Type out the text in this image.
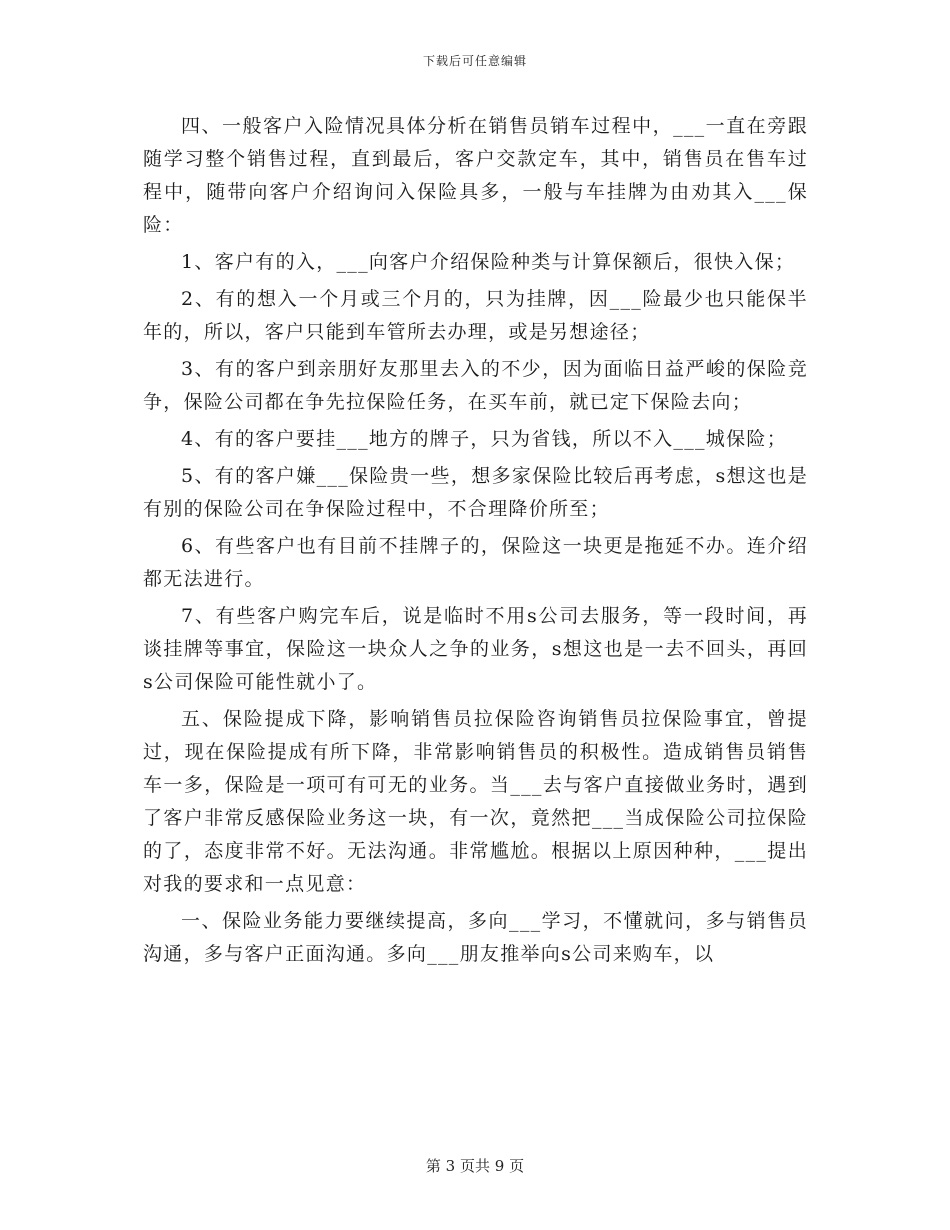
下载后可任意编辑

四、一般客户入险情况具体分析在销售员销车过程中，___一直在旁跟随学习整个销售过程，直到最后，客户交款定车，其中，销售员在售车过程中，随带向客户介绍询问入保险具多，一般与车挂牌为由劝其入___保险：

1、客户有的入，___向客户介绍保险种类与计算保额后，很快入保；

2、有的想入一个月或三个月的，只为挂牌，因___险最少也只能保半年的，所以，客户只能到车管所去办理，或是另想途径；

3、有的客户到亲朋好友那里去入的不少，因为面临日益严峻的保险竞争，保险公司都在争先拉保险任务，在买车前，就已定下保险去向；

4、有的客户要挂___地方的牌子，只为省钱，所以不入___城保险；

5、有的客户嫌___保险贵一些，想多家保险比较后再考虑，s想这也是有别的保险公司在争保险过程中，不合理降价所至；

6、有些客户也有目前不挂牌子的，保险这一块更是拖延不办。连介绍都无法进行。

7、有些客户购完车后，说是临时不用s公司去服务，等一段时间，再谈挂牌等事宜，保险这一块众人之争的业务，s想这也是一去不回头，再回s公司保险可能性就小了。

五、保险提成下降，影响销售员拉保险咨询销售员拉保险事宜，曾提过，现在保险提成有所下降，非常影响销售员的积极性。造成销售员销售车一多，保险是一项可有可无的业务。当___去与客户直接做业务时，遇到了客户非常反感保险业务这一块，有一次，竟然把___当成保险公司拉保险的了，态度非常不好。无法沟通。非常尴尬。根据以上原因种种，___提出对我的要求和一点见意：

一、保险业务能力要继续提高，多向___学习，不懂就问，多与销售员沟通，多与客户正面沟通。多向___朋友推举向s公司来购车，以

第 3 页共 9 页
